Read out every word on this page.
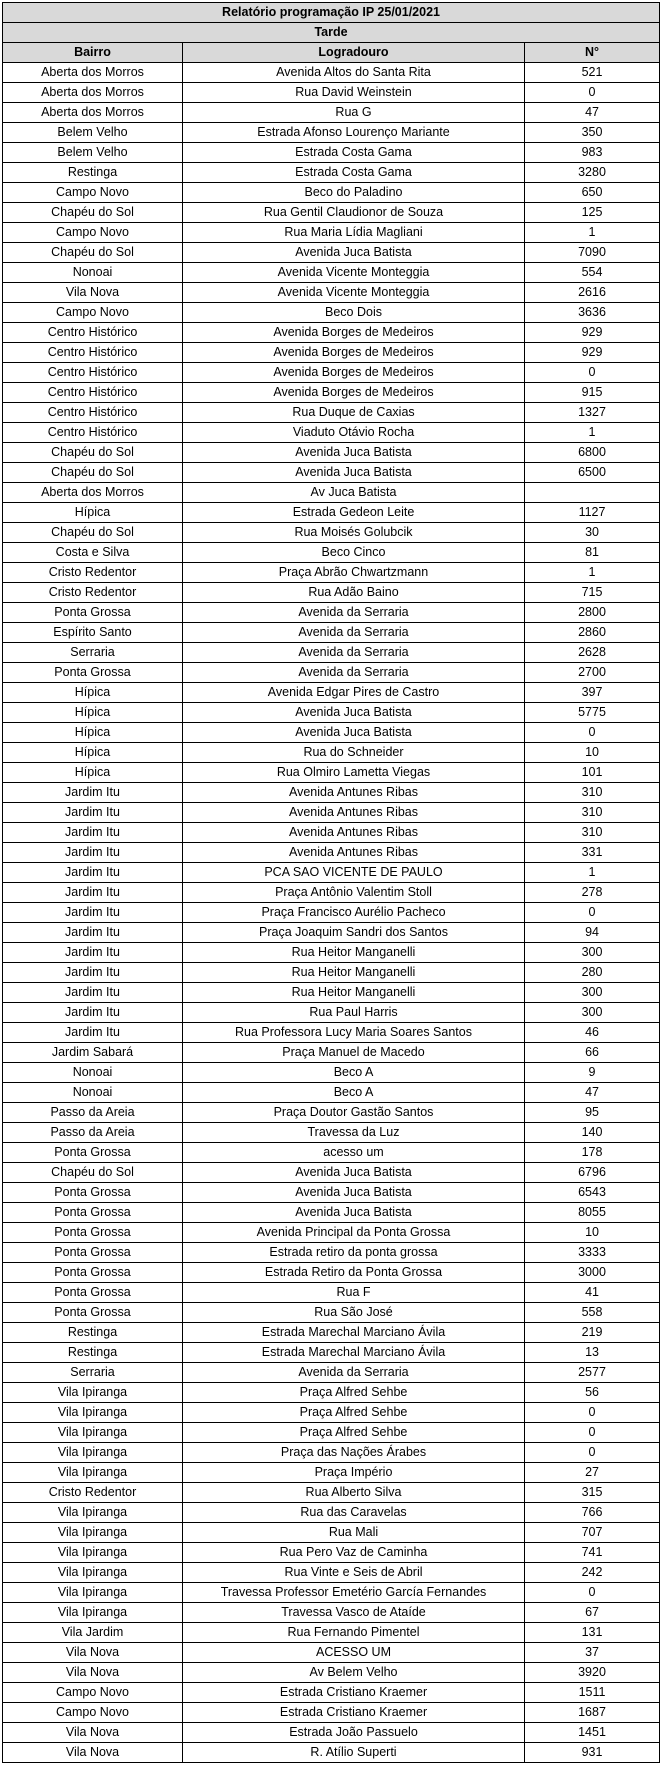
Relatório programação IP 25/01/2021		
Tarde		
Bairro	Logradouro	N°
Aberta dos Morros	Avenida Altos do Santa Rita	521
Aberta dos Morros	Rua David Weinstein	0
Aberta dos Morros	Rua G	47
Belem Velho	Estrada Afonso Lourenço Mariante	350
Belem Velho	Estrada Costa Gama	983
Restinga	Estrada Costa Gama	3280
Campo Novo	Beco do Paladino	650
Chapéu do Sol	Rua Gentil Claudionor de Souza	125
Campo Novo	Rua Maria Lídia Magliani	1
Chapéu do Sol	Avenida Juca Batista	7090
Nonoai	Avenida Vicente Monteggia	554
Vila Nova	Avenida Vicente Monteggia	2616
Campo Novo	Beco Dois	3636
Centro Histórico	Avenida Borges de Medeiros	929
Centro Histórico	Avenida Borges de Medeiros	929
Centro Histórico	Avenida Borges de Medeiros	0
Centro Histórico	Avenida Borges de Medeiros	915
Centro Histórico	Rua Duque de Caxias	1327
Centro Histórico	Viaduto Otávio Rocha	1
Chapéu do Sol	Avenida Juca Batista	6800
Chapéu do Sol	Avenida Juca Batista	6500
Aberta dos Morros	Av Juca Batista	
Hípica	Estrada Gedeon Leite	1127
Chapéu do Sol	Rua Moisés Golubcik	30
Costa e Silva	Beco Cinco	81
Cristo Redentor	Praça Abrão Chwartzmann	1
Cristo Redentor	Rua Adão Baino	715
Ponta Grossa	Avenida da Serraria	2800
Espírito Santo	Avenida da Serraria	2860
Serraria	Avenida da Serraria	2628
Ponta Grossa	Avenida da Serraria	2700
Hípica	Avenida Edgar Pires de Castro	397
Hípica	Avenida Juca Batista	5775
Hípica	Avenida Juca Batista	0
Hípica	Rua do Schneider	10
Hípica	Rua Olmiro Lametta Viegas	101
Jardim Itu	Avenida Antunes Ribas	310
Jardim Itu	Avenida Antunes Ribas	310
Jardim Itu	Avenida Antunes Ribas	310
Jardim Itu	Avenida Antunes Ribas	331
Jardim Itu	PCA SAO VICENTE DE PAULO	1
Jardim Itu	Praça Antônio Valentim Stoll	278
Jardim Itu	Praça Francisco Aurélio Pacheco	0
Jardim Itu	Praça Joaquim Sandri dos Santos	94
Jardim Itu	Rua Heitor Manganelli	300
Jardim Itu	Rua Heitor Manganelli	280
Jardim Itu	Rua Heitor Manganelli	300
Jardim Itu	Rua Paul Harris	300
Jardim Itu	Rua Professora Lucy Maria Soares Santos	46
Jardim Sabará	Praça Manuel de Macedo	66
Nonoai	Beco A	9
Nonoai	Beco A	47
Passo da Areia	Praça Doutor Gastão Santos	95
Passo da Areia	Travessa da Luz	140
Ponta Grossa	acesso um	178
Chapéu do Sol	Avenida Juca Batista	6796
Ponta Grossa	Avenida Juca Batista	6543
Ponta Grossa	Avenida Juca Batista	8055
Ponta Grossa	Avenida Principal da Ponta Grossa	10
Ponta Grossa	Estrada retiro da ponta grossa	3333
Ponta Grossa	Estrada Retiro da Ponta Grossa	3000
Ponta Grossa	Rua F	41
Ponta Grossa	Rua São José	558
Restinga	Estrada Marechal Marciano Ávila	219
Restinga	Estrada Marechal Marciano Ávila	13
Serraria	Avenida da Serraria	2577
Vila Ipiranga	Praça Alfred Sehbe	56
Vila Ipiranga	Praça Alfred Sehbe	0
Vila Ipiranga	Praça Alfred Sehbe	0
Vila Ipiranga	Praça das Nações Árabes	0
Vila Ipiranga	Praça Império	27
Cristo Redentor	Rua Alberto Silva	315
Vila Ipiranga	Rua das Caravelas	766
Vila Ipiranga	Rua Mali	707
Vila Ipiranga	Rua Pero Vaz de Caminha	741
Vila Ipiranga	Rua Vinte e Seis de Abril	242
Vila Ipiranga	Travessa Professor Emetério García Fernandes	0
Vila Ipiranga	Travessa Vasco de Ataíde	67
Vila Jardim	Rua Fernando Pimentel	131
Vila Nova	ACESSO UM	37
Vila Nova	Av Belem Velho	3920
Campo Novo	Estrada Cristiano Kraemer	1511
Campo Novo	Estrada Cristiano Kraemer	1687
Vila Nova	Estrada João Passuelo	1451
Vila Nova	R. Atílio Superti	931
